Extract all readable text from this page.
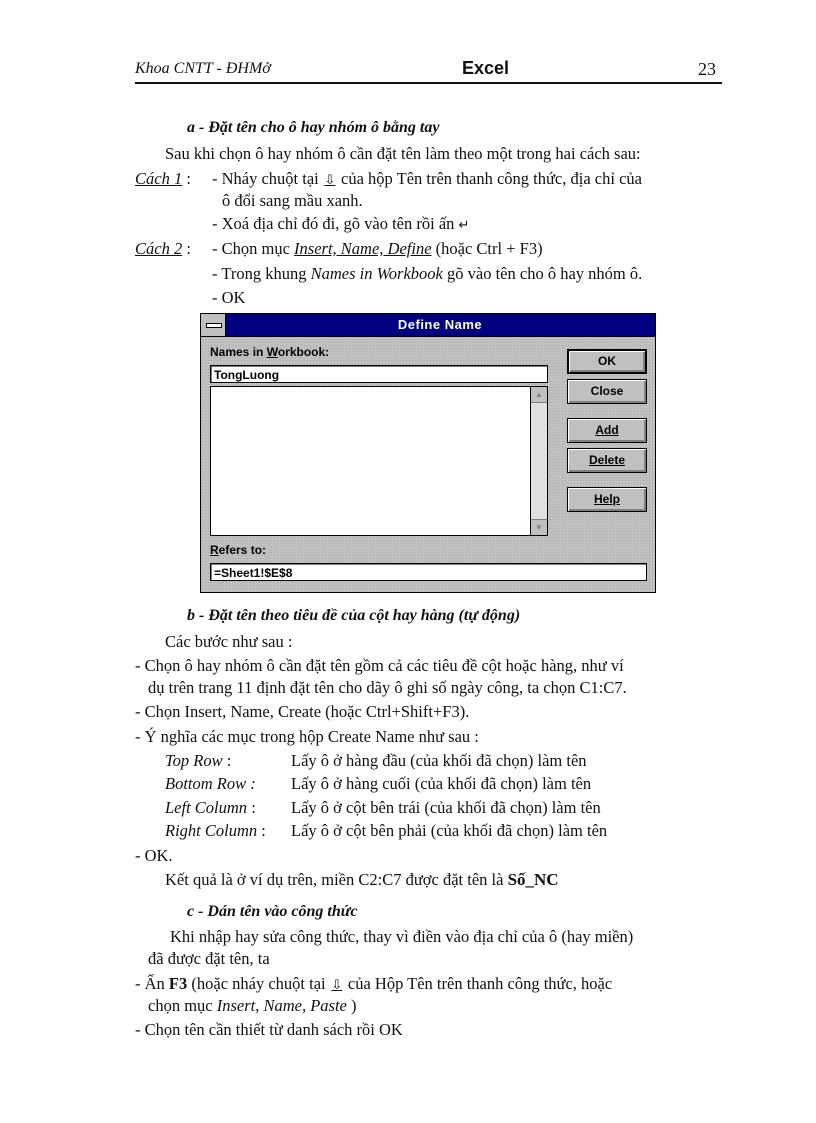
Khoa CNTT - ĐHMở	Excel	23
a - Đặt tên cho ô hay nhóm ô bằng tay
Sau khi chọn ô hay nhóm ô cần đặt tên làm theo một trong hai cách sau:
Cách 1 : - Nháy chuột tại ⇩ của hộp Tên trên thanh công thức, địa chỉ của
ô đổi sang mầu xanh.
- Xoá địa chỉ đó đi, gõ vào tên rồi ấn ↵
Cách 2 : - Chọn mục Insert, Name, Define (hoặc Ctrl + F3)
- Trong khung Names in Workbook gõ vào tên cho ô hay nhóm ô.
- OK
Define Name
Names in Workbook:
TongLuong
▲
▼
Refers to:
=Sheet1!$E$8
OK
Close
Add
Delete
Help
b - Đặt tên theo tiêu đề của cột hay hàng (tự động)
Các bước như sau :
- Chọn ô hay nhóm ô cần đặt tên gồm cả các tiêu đề cột hoặc hàng, như ví
dụ trên trang 11 định đặt tên cho dãy ô ghi số ngày công, ta chọn C1:C7.
- Chọn Insert, Name, Create (hoặc Ctrl+Shift+F3).
- Ý nghĩa các mục trong hộp Create Name như sau :
Top Row :	Lấy ô ở hàng đầu (của khối đã chọn) làm tên
Bottom Row : Lấy ô ở hàng cuối (của khối đã chọn) làm tên
Left Column : Lấy ô ở cột bên trái (của khối đã chọn) làm tên
Right Column : Lấy ô ở cột bên phải (của khối đã chọn) làm tên
- OK.
Kết quả là ở ví dụ trên, miền C2:C7 được đặt tên là Số_NC
c - Dán tên vào công thức
Khi nhập hay sửa công thức, thay vì điền vào địa chỉ của ô (hay miền)
đã được đặt tên, ta
- Ấn F3 (hoặc nháy chuột tại ⇩ của Hộp Tên trên thanh công thức, hoặc
chọn mục Insert, Name, Paste )
- Chọn tên cần thiết từ danh sách rồi OK
